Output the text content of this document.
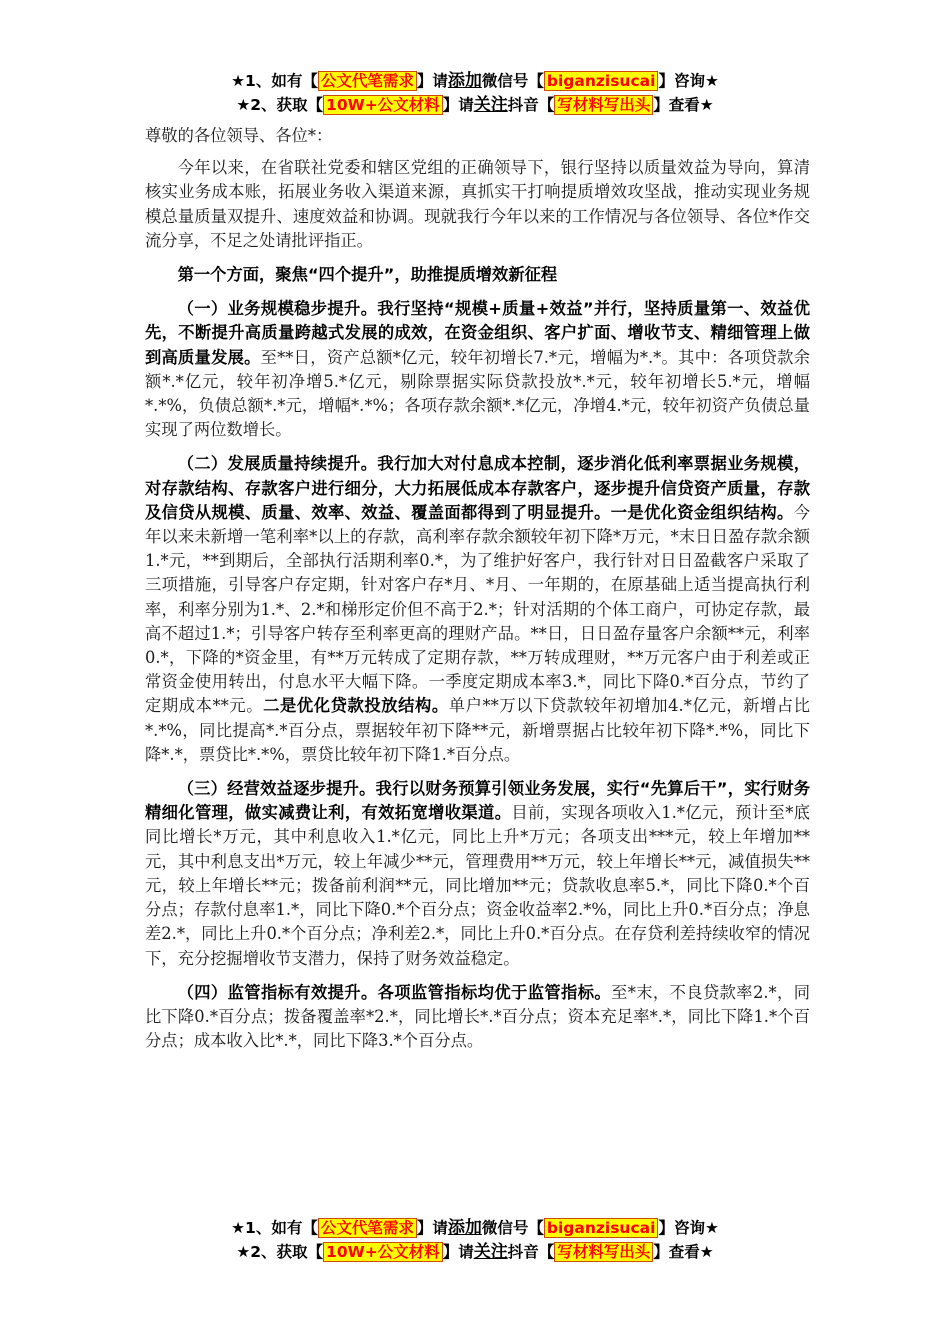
★1、如有【 公文代笔需求 】请添加微信号【 biganzisucai 】咨询★
★2、获取【 10W+公文材料 】请关注抖音【 写材料写出头 】查看★

尊敬的各位领导、各位*：

今年以来，在省联社党委和辖区党组的正确领导下，银行坚持以质量效益为导向，算清核实业务成本账，拓展业务收入渠道来源，真抓实干打响提质增效攻坚战，推动实现业务规模总量质量双提升、速度效益和协调。现就我行今年以来的工作情况与各位领导、各位*作交流分享，不足之处请批评指正。

第一个方面，聚焦“四个提升”，助推提质增效新征程

（一）业务规模稳步提升。我行坚持“规模+质量+效益”并行，坚持质量第一、效益优先，不断提升高质量跨越式发展的成效，在资金组织、客户扩面、增收节支、精细管理上做到高质量发展。至**日，资产总额*亿元，较年初增长7.*元，增幅为*.*。其中：各项贷款余额*.*亿元，较年初净增5.*亿元，剔除票据实际贷款投放*.*元，较年初增长5.*元，增幅*.*%，负债总额*.*元，增幅*.*%；各项存款余额*.*亿元，净增4.*元，较年初资产负债总量实现了两位数增长。

（二）发展质量持续提升。我行加大对付息成本控制，逐步消化低利率票据业务规模，对存款结构、存款客户进行细分，大力拓展低成本存款客户，逐步提升信贷资产质量，存款及信贷从规模、质量、效率、效益、覆盖面都得到了明显提升。一是优化资金组织结构。今年以来未新增一笔利率*以上的存款，高利率存款余额较年初下降*万元，*末日日盈存款余额1.*元，**到期后，全部执行活期利率0.*，为了维护好客户，我行针对日日盈截客户采取了三项措施，引导客户存定期，针对客户存*月、*月、一年期的，在原基础上适当提高执行利率，利率分别为1.*、2.*和梯形定价但不高于2.*；针对活期的个体工商户，可协定存款，最高不超过1.*；引导客户转存至利率更高的理财产品。**日，日日盈存量客户余额**元，利率0.*，下降的*资金里，有**万元转成了定期存款，**万转成理财，**万元客户由于利差或正常资金使用转出，付息水平大幅下降。一季度定期成本率3.*，同比下降0.*百分点，节约了定期成本**元。二是优化贷款投放结构。单户**万以下贷款较年初增加4.*亿元，新增占比*.*%，同比提高*.*百分点，票据较年初下降**元，新增票据占比较年初下降*.*%，同比下降*.*，票贷比*.*%，票贷比较年初下降1.*百分点。

（三）经营效益逐步提升。我行以财务预算引领业务发展，实行“先算后干”，实行财务精细化管理，做实减费让利，有效拓宽增收渠道。目前，实现各项收入1.*亿元，预计至*底同比增长*万元，其中利息收入1.*亿元，同比上升*万元；各项支出***元，较上年增加**元，其中利息支出*万元，较上年减少**元，管理费用**万元，较上年增长**元，减值损失**元，较上年增长**元；拨备前利润**元，同比增加**元；贷款收息率5.*，同比下降0.*个百分点；存款付息率1.*，同比下降0.*个百分点；资金收益率2.*%，同比上升0.*百分点；净息差2.*，同比上升0.*个百分点；净利差2.*，同比上升0.*百分点。在存贷利差持续收窄的情况下，充分挖掘增收节支潜力，保持了财务效益稳定。

（四）监管指标有效提升。各项监管指标均优于监管指标。至*末，不良贷款率2.*，同比下降0.*百分点；拨备覆盖率*2.*，同比增长*.*百分点；资本充足率*.*，同比下降1.*个百分点；成本收入比*.*，同比下降3.*个百分点。

★1、如有【 公文代笔需求 】请添加微信号【 biganzisucai 】咨询★
★2、获取【 10W+公文材料 】请关注抖音【 写材料写出头 】查看★
